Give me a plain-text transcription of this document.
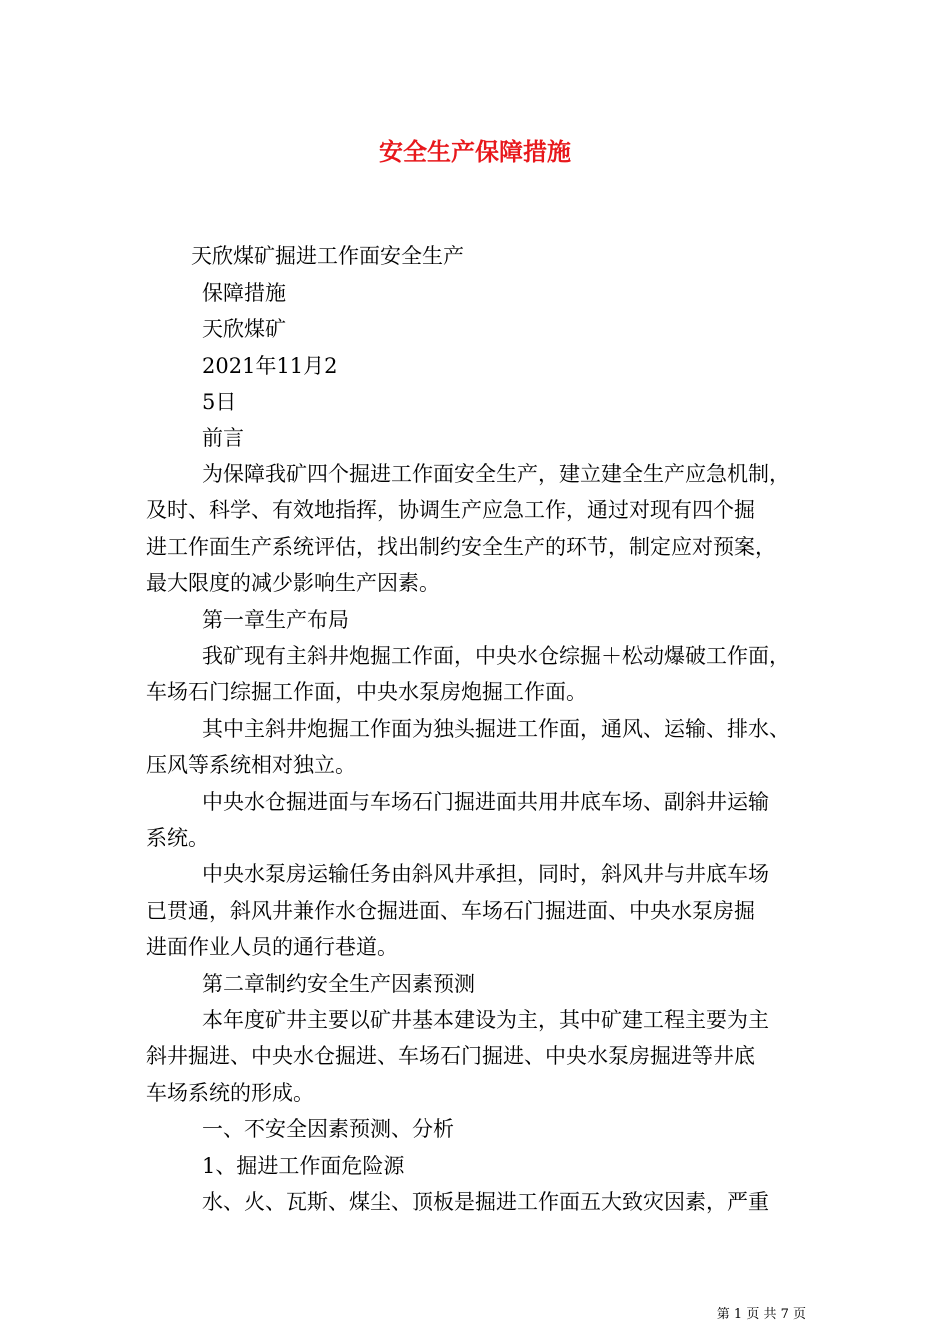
安全生产保障措施
天欣煤矿掘进工作面安全生产
保障措施
天欣煤矿
2021年11月2
5日
前言
为保障我矿四个掘进工作面安全生产，建立建全生产应急机制，
及时、科学、有效地指挥，协调生产应急工作，通过对现有四个掘
进工作面生产系统评估，找出制约安全生产的环节，制定应对预案，
最大限度的减少影响生产因素。
第一章生产布局
我矿现有主斜井炮掘工作面，中央水仓综掘＋松动爆破工作面，
车场石门综掘工作面，中央水泵房炮掘工作面。
其中主斜井炮掘工作面为独头掘进工作面，通风、运输、排水、
压风等系统相对独立。
中央水仓掘进面与车场石门掘进面共用井底车场、副斜井运输
系统。
中央水泵房运输任务由斜风井承担，同时，斜风井与井底车场
已贯通，斜风井兼作水仓掘进面、车场石门掘进面、中央水泵房掘
进面作业人员的通行巷道。
第二章制约安全生产因素预测
本年度矿井主要以矿井基本建设为主，其中矿建工程主要为主
斜井掘进、中央水仓掘进、车场石门掘进、中央水泵房掘进等井底
车场系统的形成。
一、不安全因素预测、分析
1、掘进工作面危险源
水、火、瓦斯、煤尘、顶板是掘进工作面五大致灾因素，严重
第 1 页 共 7 页
